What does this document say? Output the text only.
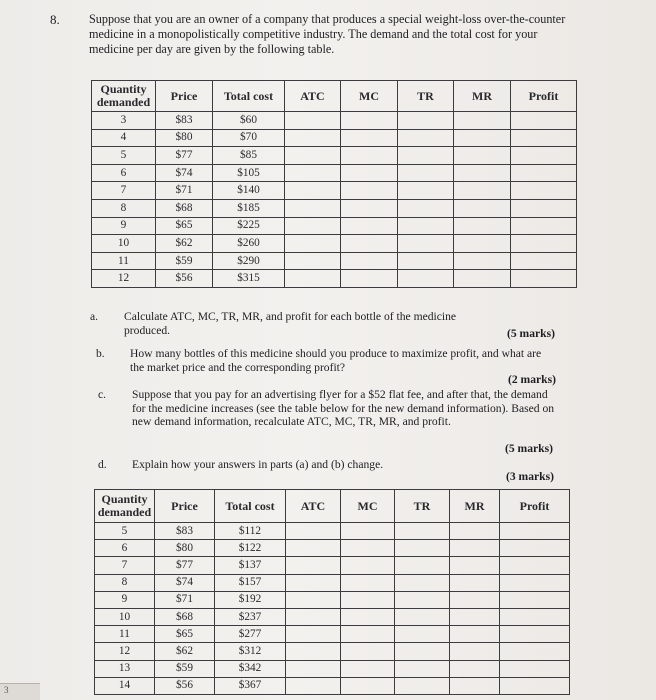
8. Suppose that you are an owner of a company that produces a special weight-loss over-the-counter medicine in a monopolistically competitive industry. The demand and the total cost for your medicine per day are given by the following table.
Quantity demanded	Price	Total cost	ATC	MC	TR	MR	Profit
3	$83	$60					
4	$80	$70					
5	$77	$85					
6	$74	$105					
7	$71	$140					
8	$68	$185					
9	$65	$225					
10	$62	$260					
11	$59	$290					
12	$56	$315					
a. Calculate ATC, MC, TR, MR, and profit for each bottle of the medicine produced.	(5 marks)
b. How many bottles of this medicine should you produce to maximize profit, and what are the market price and the corresponding profit?
(2 marks)
c. Suppose that you pay for an advertising flyer for a $52 flat fee, and after that, the demand for the medicine increases (see the table below for the new demand information). Based on new demand information, recalculate ATC, MC, TR, MR, and profit.
(5 marks)
d. Explain how your answers in parts (a) and (b) change.
(3 marks)
Quantity demanded	Price	Total cost	ATC	MC	TR	MR	Profit
5	$83	$112					
6	$80	$122					
7	$77	$137					
8	$74	$157					
9	$71	$192					
10	$68	$237					
11	$65	$277					
12	$62	$312					
13	$59	$342					
14	$56	$367					
3
